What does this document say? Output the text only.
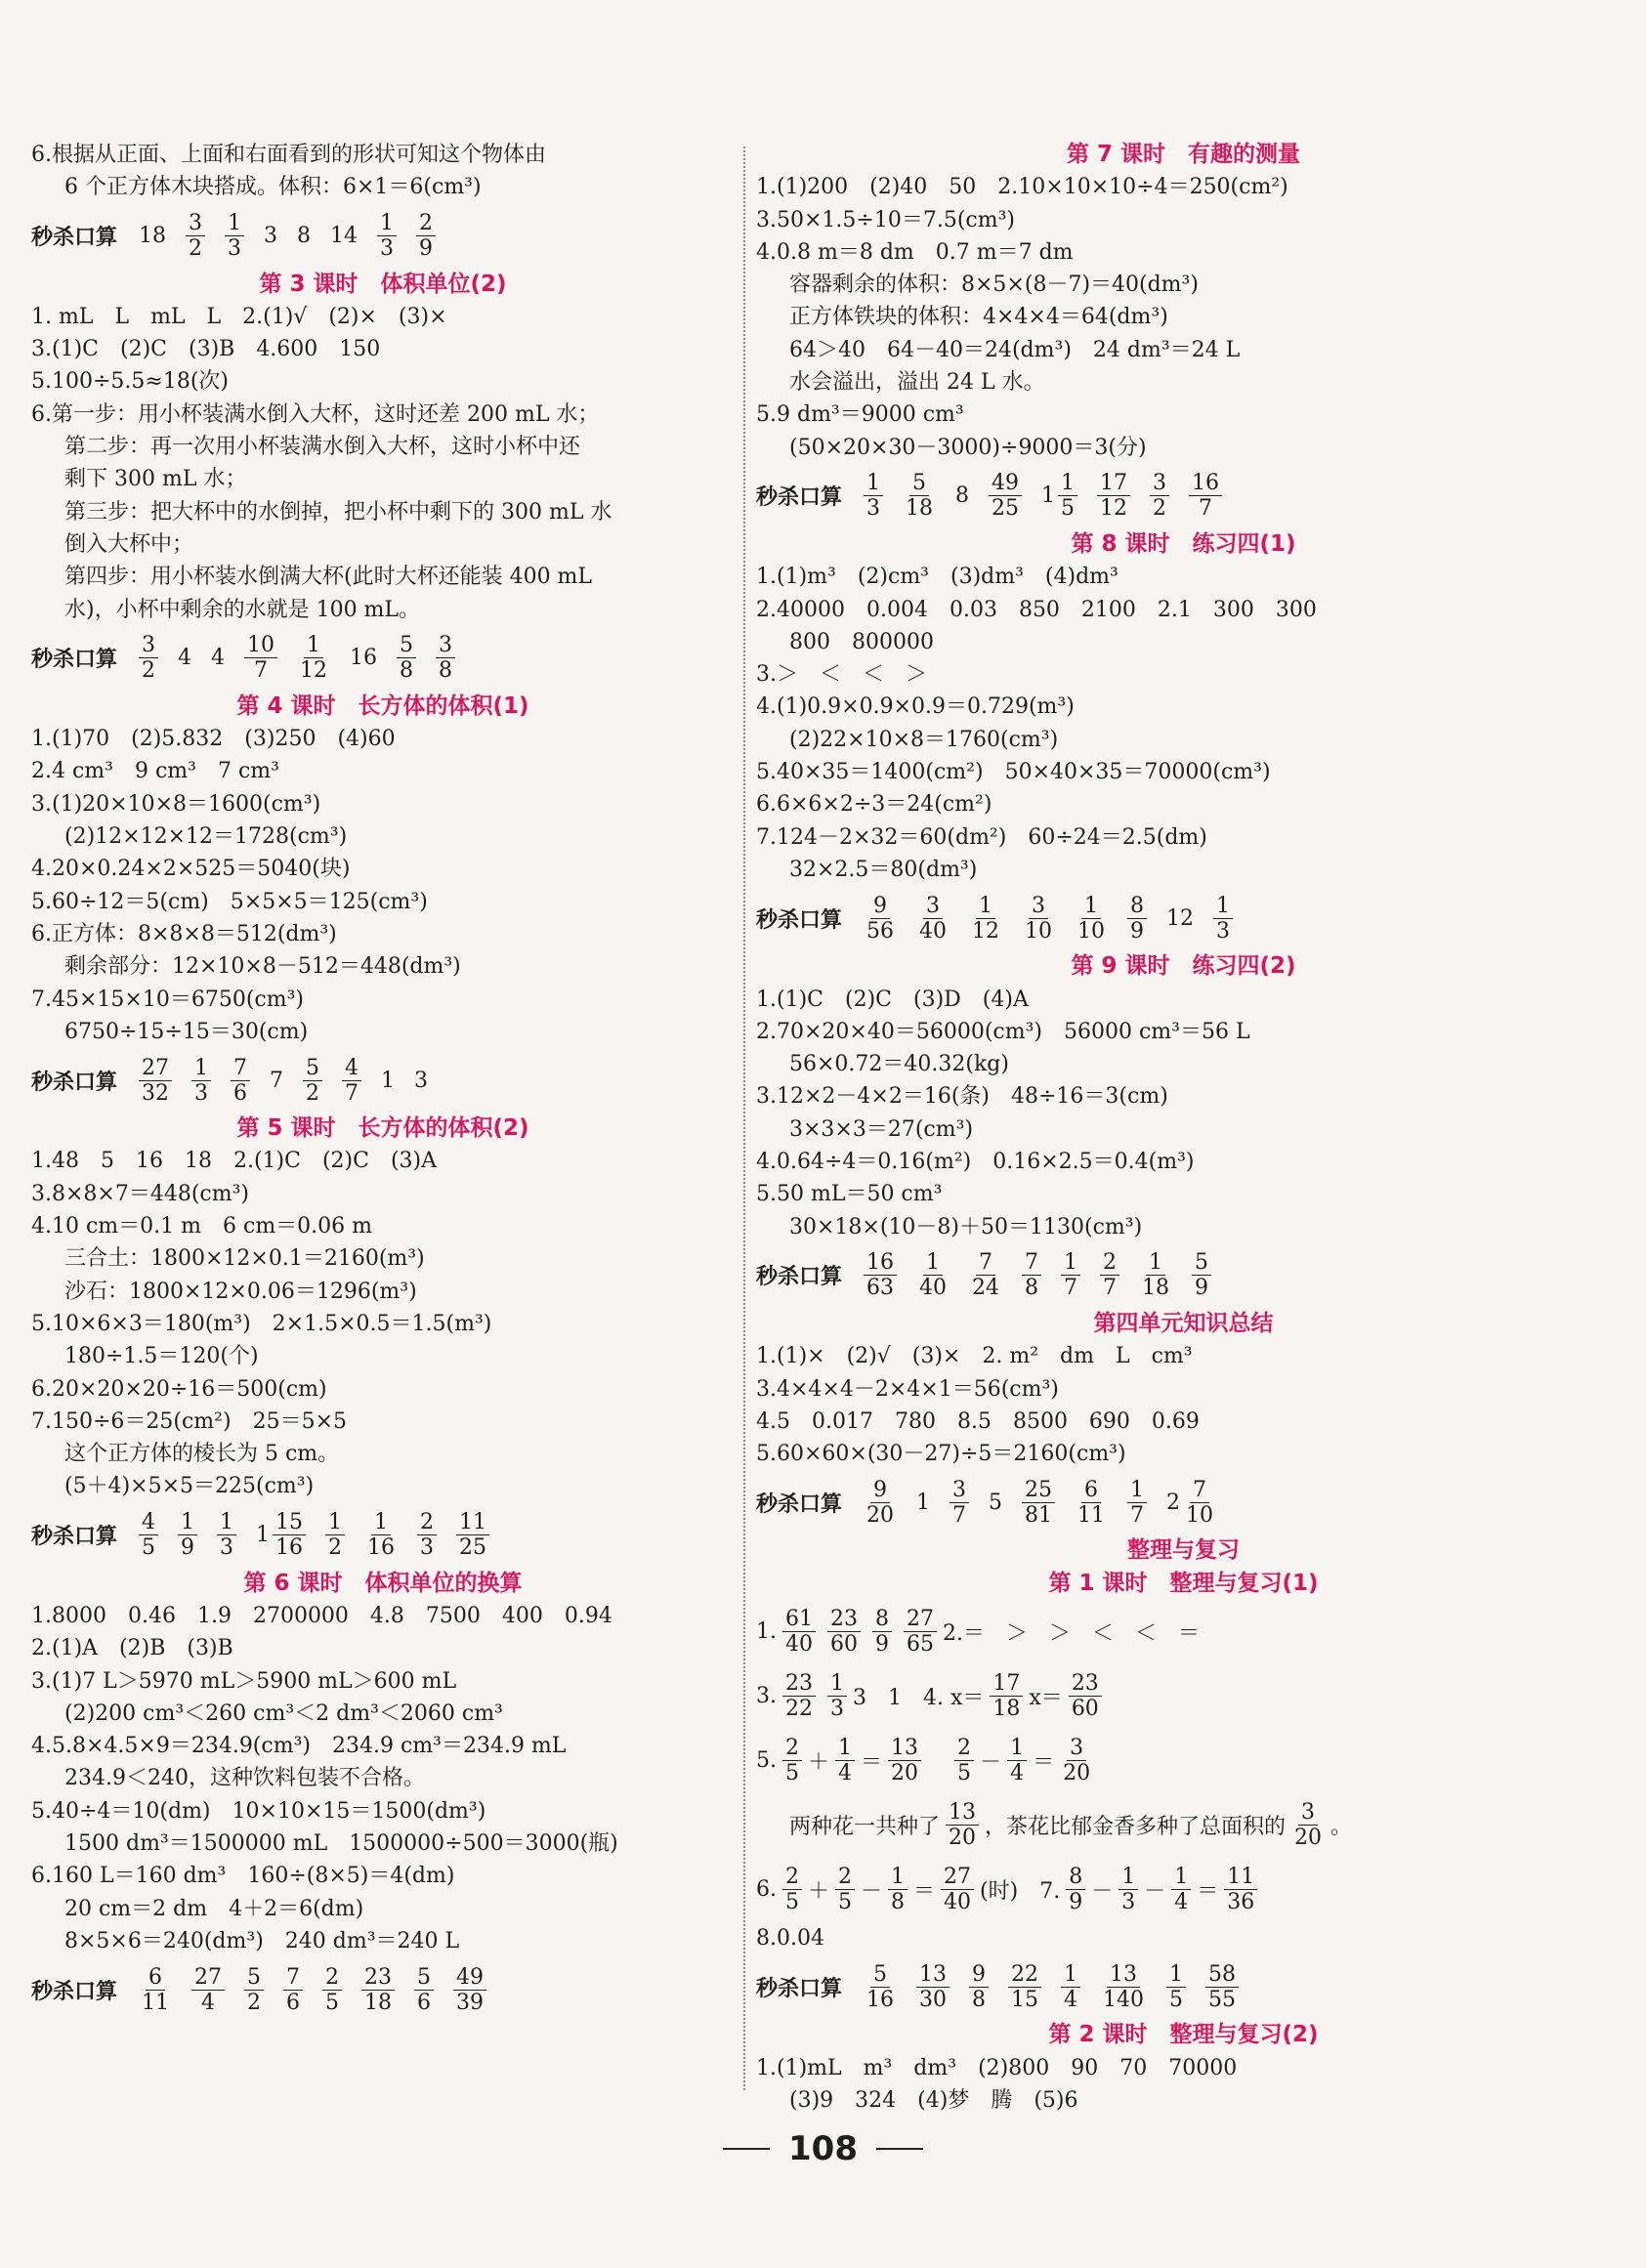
6.根据从正面、上面和右面看到的形状可知这个物体由
6 个正方体木块搭成。体积：6×1＝6(cm³)
秒杀口算 $18 \frac{3}{2} \frac{1}{3} 3$ 8 $14 \frac{1}{3} \frac{2}{9}$
第 3 课时　体积单位(2)
1. mL　L　mL　L　2.(1)√　(2)×　(3)×
3.(1)C　(2)C　(3)B　4.600　150
5.100÷5.5≈18(次)
6.第一步：用小杯装满水倒入大杯，这时还差 200 mL 水；
第二步：再一次用小杯装满水倒入大杯，这时小杯中还
剩下 300 mL 水；
第三步：把大杯中的水倒掉，把小杯中剩下的 300 mL 水
倒入大杯中；
第四步：用小杯装水倒满大杯(此时大杯还能装 400 mL
水)，小杯中剩余的水就是 100 mL。
秒杀口算 $\frac{3}{2} 4$ $4 \frac{10}{7} \frac{1}{12} 16 \frac{5}{8} \frac{3}{8}$
第 4 课时　长方体的体积(1)
1.(1)70　(2)5.832　(3)250　(4)60
2.4 cm³　9 cm³　7 cm³
3.(1)20×10×8＝1600(cm³)
(2)12×12×12＝1728(cm³)
4.20×0.24×2×525＝5040(块)
5.60÷12＝5(cm)　5×5×5＝125(cm³)
6.正方体：8×8×8＝512(dm³)
剩余部分：12×10×8－512＝448(dm³)
7.45×15×10＝6750(cm³)
6750÷15÷15＝30(cm)
秒杀口算 $\frac{27}{32} \frac{1}{3} \frac{7}{6} 7 \frac{5}{2} \frac{4}{7} 1$ 3
第 5 课时　长方体的体积(2)
1.48　5　16　18　2.(1)C　(2)C　(3)A
3.8×8×7＝448(cm³)
4.10 cm＝0.1 m　6 cm＝0.06 m
三合土：1800×12×0.1＝2160(m³)
沙石：1800×12×0.06＝1296(m³)
5.10×6×3＝180(m³)　2×1.5×0.5＝1.5(m³)
180÷1.5＝120(个)
6.20×20×20÷16＝500(cm)
7.150÷6＝25(cm²)　25＝5×5
这个正方体的棱长为 5 cm。
(5＋4)×5×5＝225(cm³)
秒杀口算 $\frac{4}{5} \frac{1}{9} \frac{1}{3} 1 \frac{15}{16} \frac{1}{2} \frac{1}{16} \frac{2}{3} \frac{11}{25}$
第 6 课时　体积单位的换算
1.8000　0.46　1.9　2700000　4.8　7500　400　0.94
2.(1)A　(2)B　(3)B
3.(1)7 L＞5970 mL＞5900 mL＞600 mL
(2)200 cm³＜260 cm³＜2 dm³＜2060 cm³
4.5.8×4.5×9＝234.9(cm³)　234.9 cm³＝234.9 mL
234.9＜240，这种饮料包装不合格。
5.40÷4＝10(dm)　10×10×15＝1500(dm³)
1500 dm³＝1500000 mL　1500000÷500＝3000(瓶)
6.160 L＝160 dm³　160÷(8×5)＝4(dm)
20 cm＝2 dm　4＋2＝6(dm)
8×5×6＝240(dm³)　240 dm³＝240 L
秒杀口算 $\frac{6}{11} \frac{27}{4} \frac{5}{2} \frac{7}{6} \frac{2}{5} \frac{23}{18} \frac{5}{6} \frac{49}{39}$
第 7 课时　有趣的测量
1.(1)200　(2)40　50　2.10×10×10÷4＝250(cm²)
3.50×1.5÷10＝7.5(cm³)
4.0.8 m＝8 dm　0.7 m＝7 dm
容器剩余的体积：8×5×(8－7)＝40(dm³)
正方体铁块的体积：4×4×4＝64(dm³)
64＞40　64－40＝24(dm³)　24 dm³＝24 L
水会溢出，溢出 24 L 水。
5.9 dm³＝9000 cm³
(50×20×30－3000)÷9000＝3(分)
秒杀口算 $\frac{1}{3} \frac{5}{18} 8 \frac{49}{25} 1 \frac{1}{5} \frac{17}{12} \frac{3}{2} \frac{16}{7}$
第 8 课时　练习四(1)
1.(1)m³　(2)cm³　(3)dm³　(4)dm³
2.40000　0.004　0.03　850　2100　2.1　300　300
800　800000
3.＞　＜　＜　＞
4.(1)0.9×0.9×0.9＝0.729(m³)
(2)22×10×8＝1760(cm³)
5.40×35＝1400(cm²)　50×40×35＝70000(cm³)
6.6×6×2÷3＝24(cm²)
7.124－2×32＝60(dm²)　60÷24＝2.5(dm)
32×2.5＝80(dm³)
秒杀口算 $\frac{9}{56} \frac{3}{40} \frac{1}{12} \frac{3}{10} \frac{1}{10} \frac{8}{9} 12 \frac{1}{3}$
第 9 课时　练习四(2)
1.(1)C　(2)C　(3)D　(4)A
2.70×20×40＝56000(cm³)　56000 cm³＝56 L
56×0.72＝40.32(kg)
3.12×2－4×2＝16(条)　48÷16＝3(cm)
3×3×3＝27(cm³)
4.0.64÷4＝0.16(m²)　0.16×2.5＝0.4(m³)
5.50 mL＝50 cm³
30×18×(10－8)＋50＝1130(cm³)
秒杀口算 $\frac{16}{63} \frac{1}{40} \frac{7}{24} \frac{7}{8} \frac{1}{7} \frac{2}{7} \frac{1}{18} \frac{5}{9}$
第四单元知识总结
1.(1)×　(2)√　(3)×　2. m²　dm　L　cm³
3.4×4×4－2×4×1＝56(cm³)
4.5　0.017　780　8.5　8500　690　0.69
5.60×60×(30－27)÷5＝2160(cm³)
秒杀口算 $\frac{9}{20} 1 \frac{3}{7} 5 \frac{25}{81} \frac{6}{11} \frac{1}{7} 2 \frac{7}{10}$
整理与复习
第 1 课时　整理与复习(1)
1. $\frac{61}{40} \frac{23}{60} \frac{8}{9} \frac{27}{65} 2.=$　＞　＞　＜　＜　＝
3. $\frac{23}{22} \frac{1}{3} 3$　1　4. $x= \frac{17}{18} x= \frac{23}{60}$
5. $\frac{2}{5} + \frac{1}{4} = \frac{13}{20}$
　 $\frac{2}{5} - \frac{1}{4} = \frac{3}{20}$
两种花一共种了 $\frac{13}{20}$ ，茶花比郁金香多种了总面积的 $\frac{3}{20}$ 。
6. $\frac{2}{5} + \frac{2}{5} - \frac{1}{8} = \frac{27}{40}$ (时)　7. $\frac{8}{9} - \frac{1}{3} - \frac{1}{4} = \frac{11}{36}$
8.0.04
秒杀口算 $\frac{5}{16} \frac{13}{30} \frac{9}{8} \frac{22}{15} \frac{1}{4} \frac{13}{140} \frac{1}{5} \frac{58}{55}$
第 2 课时　整理与复习(2)
1.(1)mL　m³　dm³　(2)800　90　70　70000
(3)9　324　(4)梦　腾　(5)6
108
